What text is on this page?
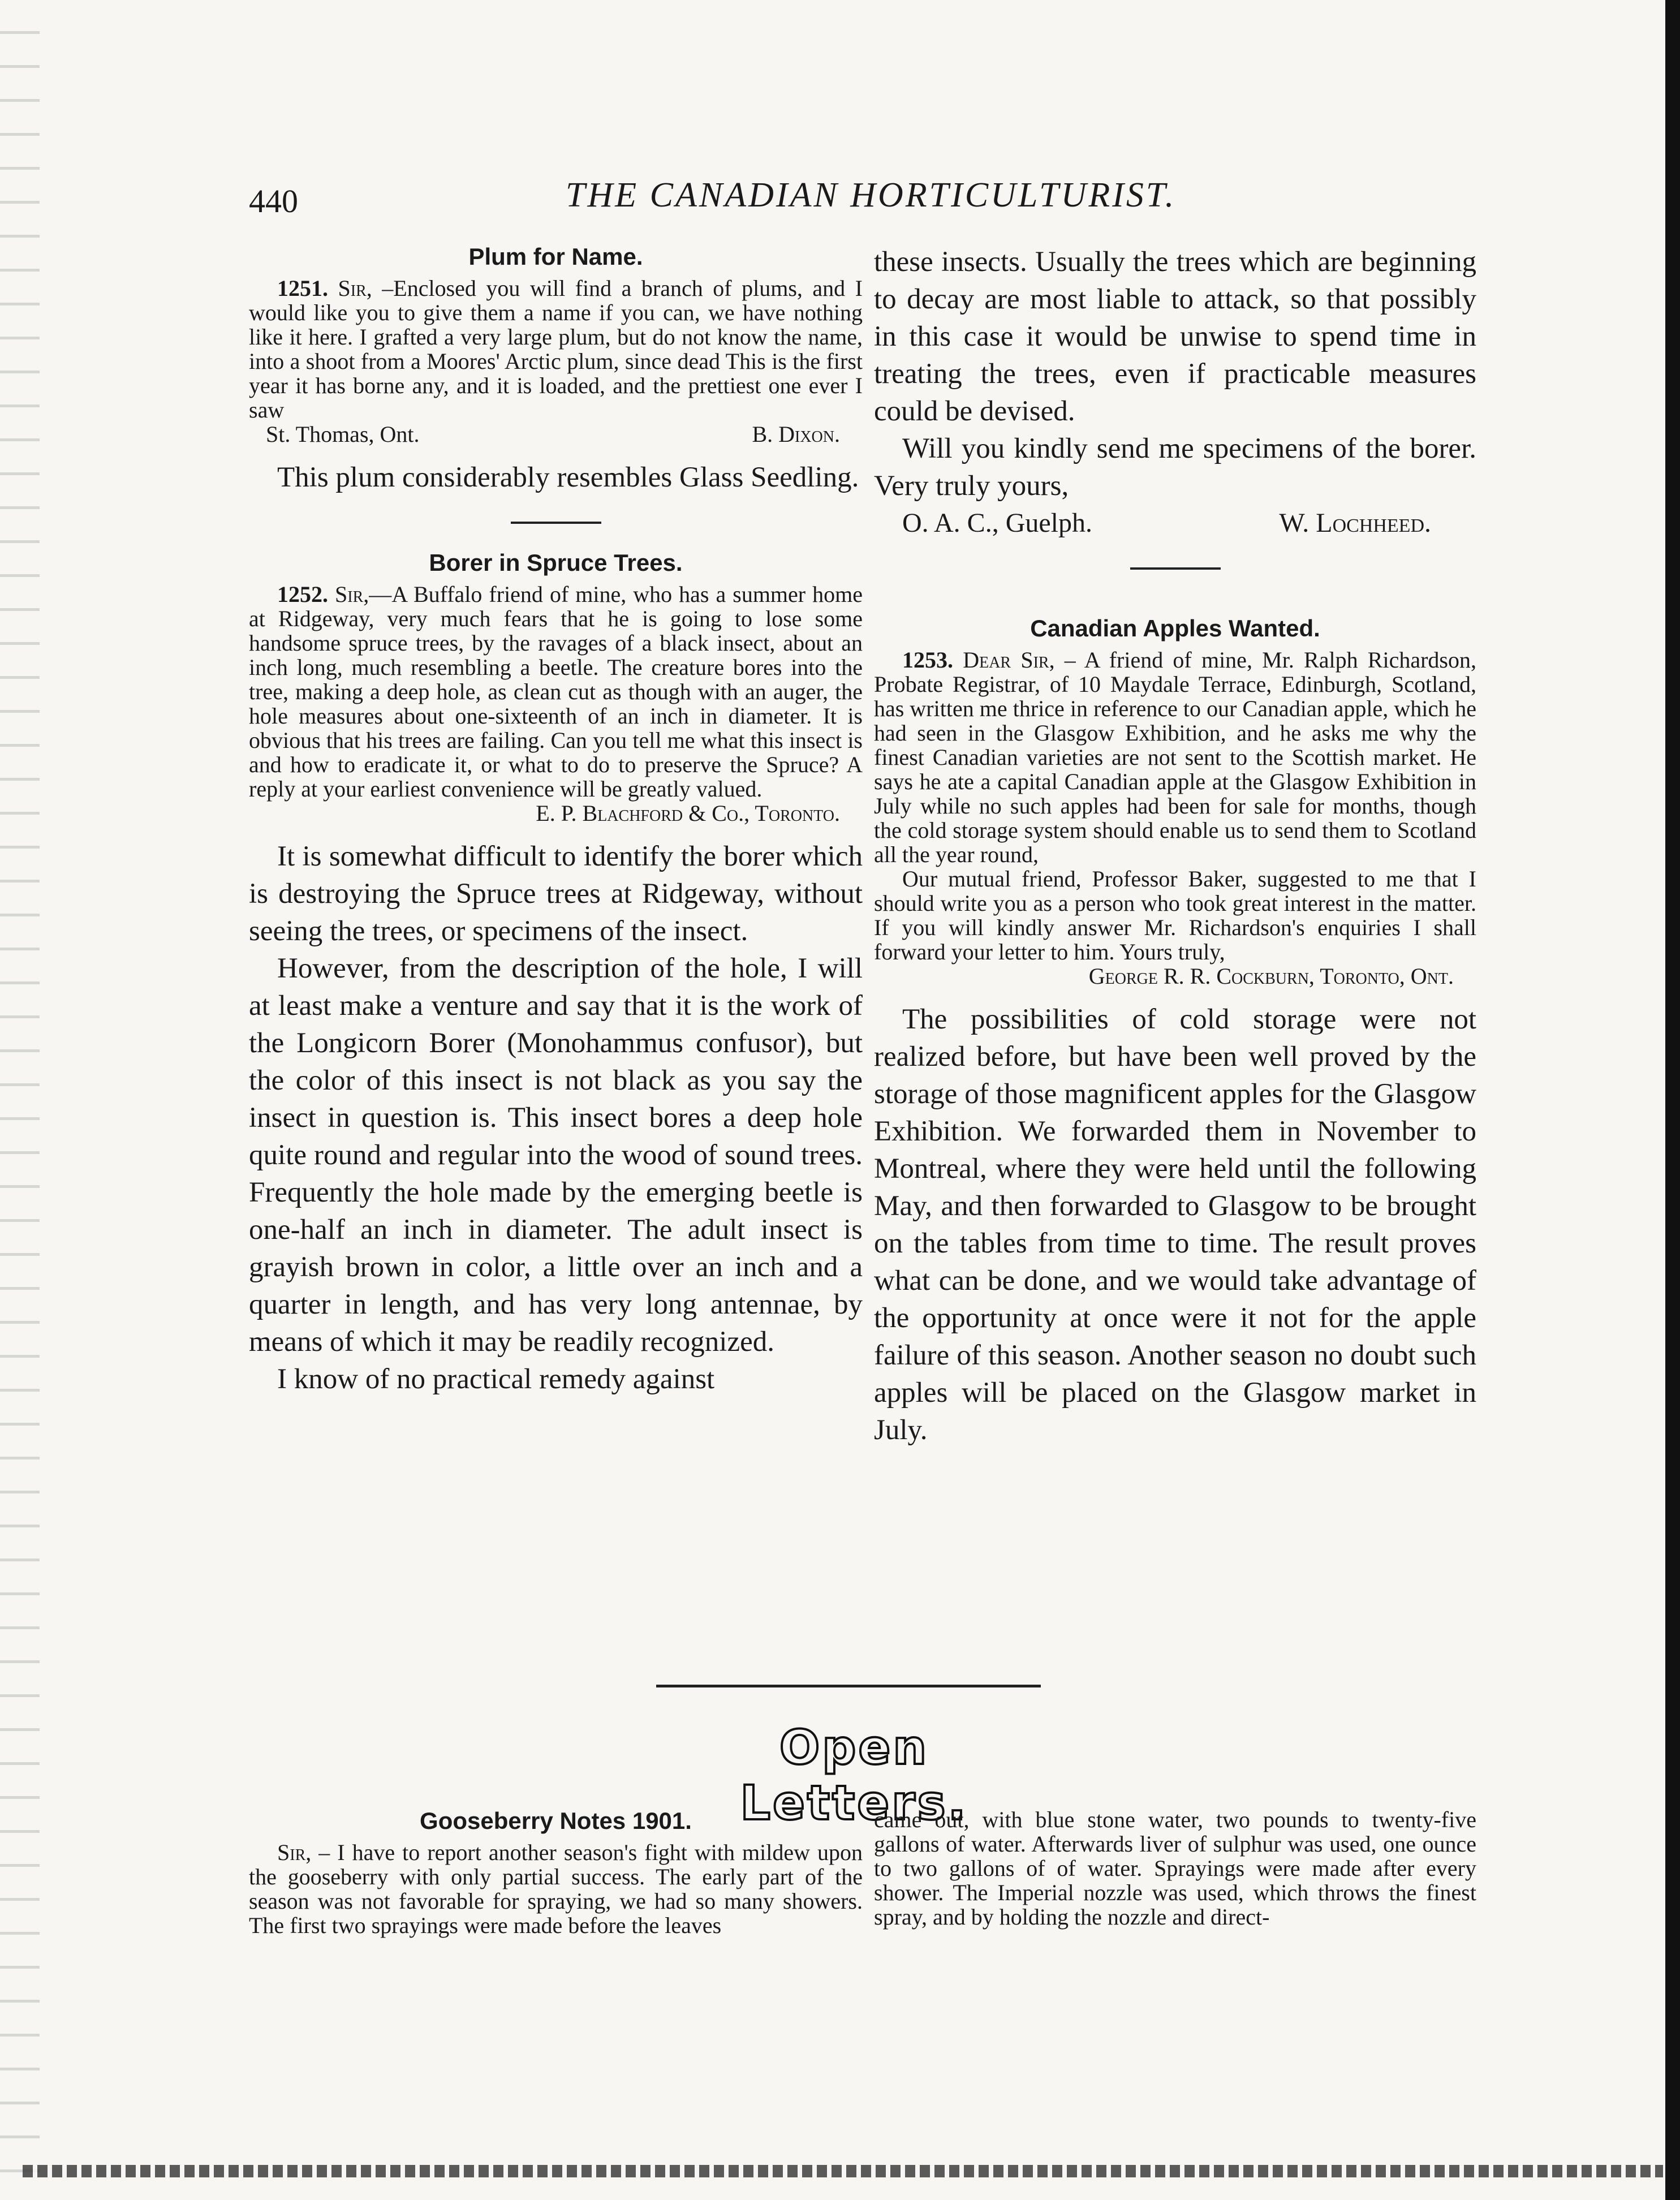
440	THE CANADIAN HORTICULTURIST.
Plum for Name.

1251. Sir, –Enclosed you will find a branch of plums, and I would like you to give them a name if you can, we have nothing like it here. I grafted a very large plum, but do not know the name, into a shoot from a Moores' Arctic plum, since dead This is the first year it has borne any, and it is loaded, and the prettiest one ever I saw

St. Thomas, Ont.	B. Dixon.

This plum considerably resembles Glass Seedling.

Borer in Spruce Trees.

1252. Sir,—A Buffalo friend of mine, who has a summer home at Ridgeway, very much fears that he is going to lose some handsome spruce trees, by the ravages of a black insect, about an inch long, much resembling a beetle. The creature bores into the tree, making a deep hole, as clean cut as though with an auger, the hole measures about one-sixteenth of an inch in diameter. It is obvious that his trees are failing. Can you tell me what this insect is and how to eradicate it, or what to do to preserve the Spruce? A reply at your earliest convenience will be greatly valued.

E. P. Blachford & Co., Toronto.

It is somewhat difficult to identify the borer which is destroying the Spruce trees at Ridgeway, without seeing the trees, or specimens of the insect.

However, from the description of the hole, I will at least make a venture and say that it is the work of the Longicorn Borer (Monohammus confusor), but the color of this insect is not black as you say the insect in question is. This insect bores a deep hole quite round and regular into the wood of sound trees. Frequently the hole made by the emerging beetle is one-half an inch in diameter. The adult insect is grayish brown in color, a little over an inch and a quarter in length, and has very long antennae, by means of which it may be readily recognized.

I know of no practical remedy against

these insects. Usually the trees which are beginning to decay are most liable to attack, so that possibly in this case it would be unwise to spend time in treating the trees, even if practicable measures could be devised.

Will you kindly send me specimens of the borer. Very truly yours,

O. A. C., Guelph.	W. Lochheed.

Canadian Apples Wanted.

1253. Dear Sir, – A friend of mine, Mr. Ralph Richardson, Probate Registrar, of 10 Maydale Terrace, Edinburgh, Scotland, has written me thrice in reference to our Canadian apple, which he had seen in the Glasgow Exhibition, and he asks me why the finest Canadian varieties are not sent to the Scottish market. He says he ate a capital Canadian apple at the Glasgow Exhibition in July while no such apples had been for sale for months, though the cold storage system should enable us to send them to Scotland all the year round,

Our mutual friend, Professor Baker, suggested to me that I should write you as a person who took great interest in the matter. If you will kindly answer Mr. Richardson's enquiries I shall forward your letter to him. Yours truly,

George R. R. Cockburn, Toronto, Ont.

The possibilities of cold storage were not realized before, but have been well proved by the storage of those magnificent apples for the Glasgow Exhibition. We forwarded them in November to Montreal, where they were held until the following May, and then forwarded to Glasgow to be brought on the tables from time to time. The result proves what can be done, and we would take advantage of the opportunity at once were it not for the apple failure of this season. Another season no doubt such apples will be placed on the Glasgow market in July.

Open Letters.
Gooseberry Notes 1901.

Sir, – I have to report another season's fight with mildew upon the gooseberry with only partial success. The early part of the season was not favorable for spraying, we had so many showers. The first two sprayings were made before the leaves

came out, with blue stone water, two pounds to twenty-five gallons of water. Afterwards liver of sulphur was used, one ounce to two gallons of of water. Sprayings were made after every shower. The Imperial nozzle was used, which throws the finest spray, and by holding the nozzle and direct-
